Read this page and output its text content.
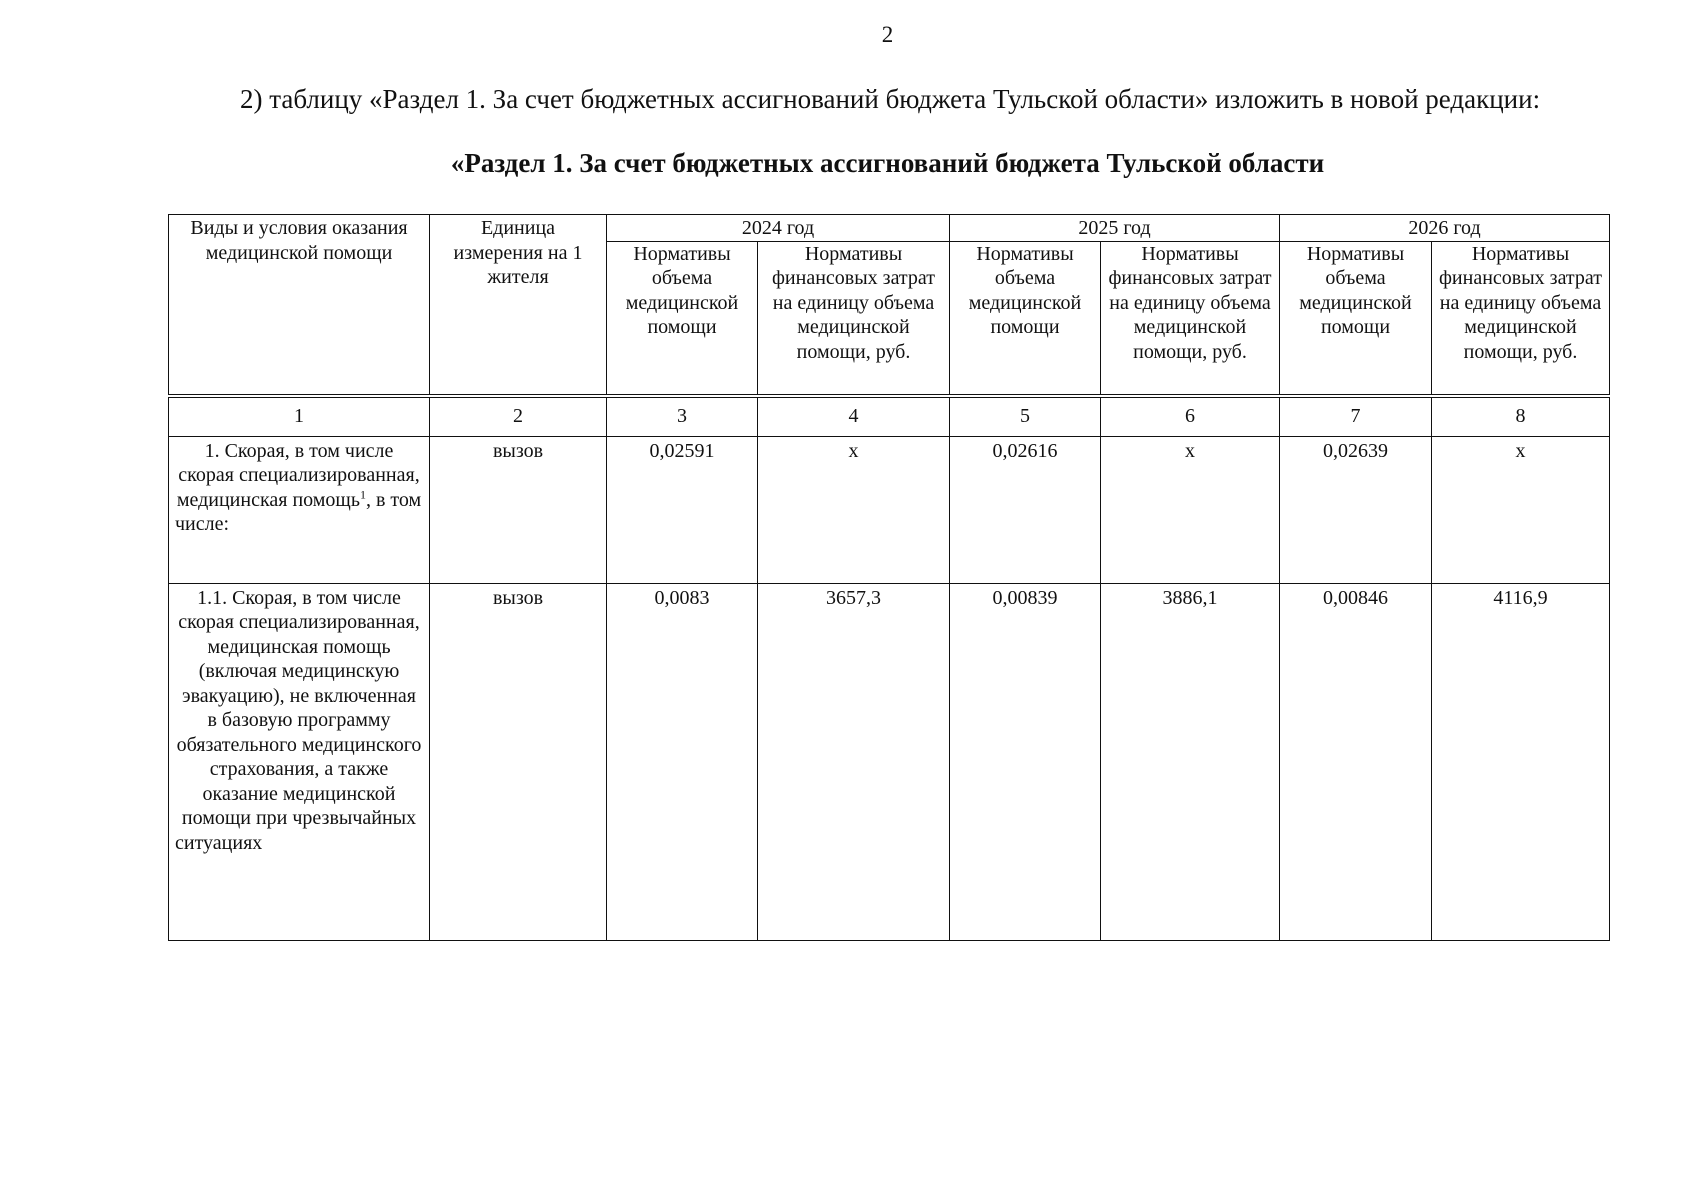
2
2) таблицу «Раздел 1. За счет бюджетных ассигнований бюджета Тульской области» изложить в новой редакции:
«Раздел 1. За счет бюджетных ассигнований бюджета Тульской области
Виды и условия оказания медицинской помощи	Единица измерения на 1 жителя	2024 год		2025 год		2026 год	
		Нормативы объема медицинской помощи	Нормативы финансовых затрат на единицу объема медицинской помощи, руб.	Нормативы объема медицинской помощи	Нормативы финансовых затрат на единицу объема медицинской помощи, руб.	Нормативы объема медицинской помощи	Нормативы финансовых затрат на единицу объема медицинской помощи, руб.
1	2	3	4	5	6	7	8
1. Скорая, в том числе скорая специализированная, медицинская помощь$^1$, в том числе:	вызов	0,02591	х	0,02616	х	0,02639	х
1.1. Скорая, в том числе скорая специализированная, медицинская помощь (включая медицинскую эвакуацию), не включенная в базовую программу обязательного медицинского страхования, а также оказание медицинской помощи при чрезвычайных ситуациях	вызов	0,0083	3657,3	0,00839	3886,1	0,00846	4116,9
